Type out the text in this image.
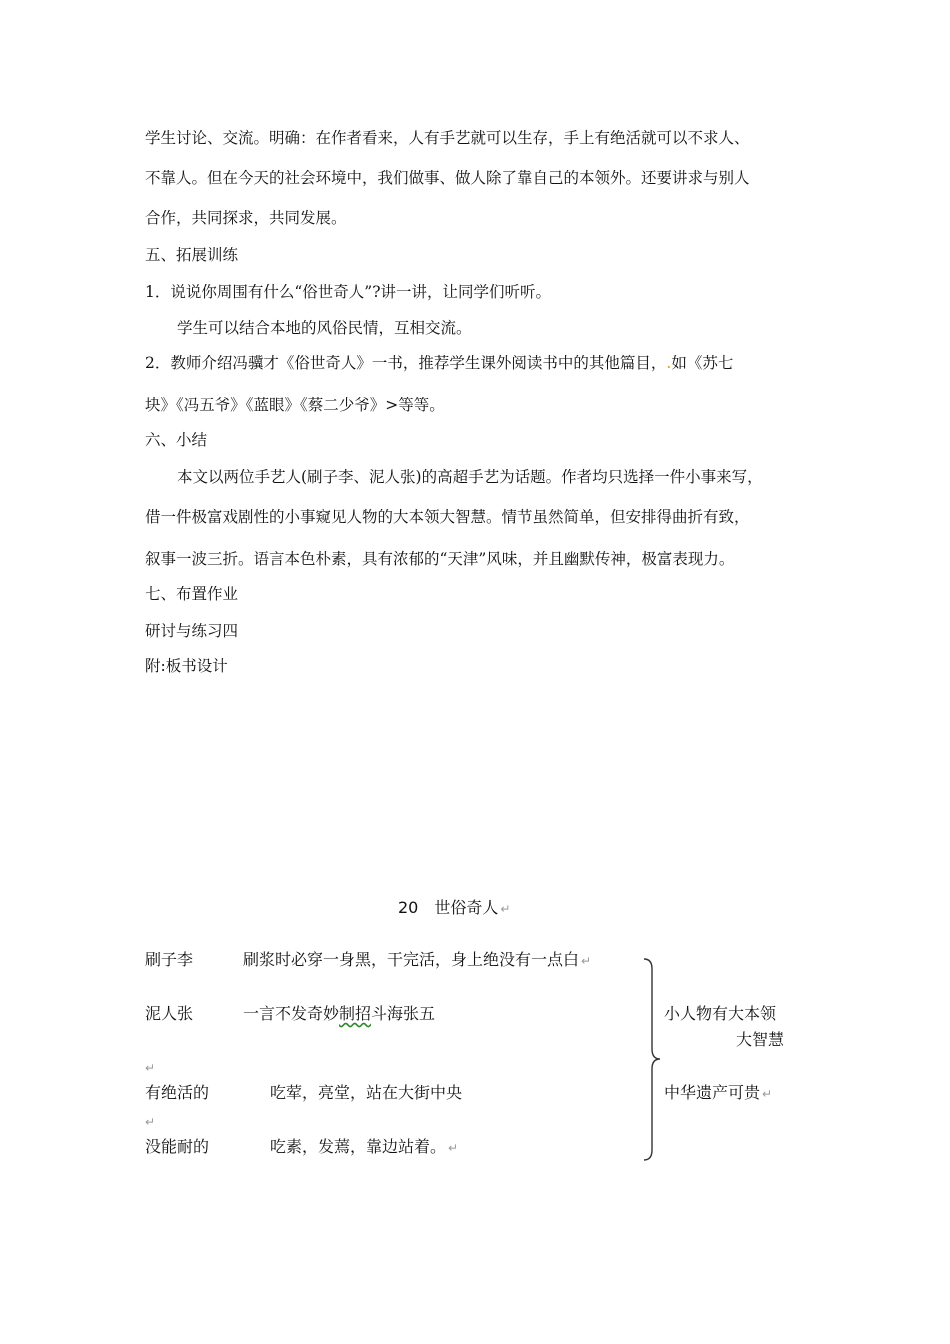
学生讨论、交流。明确：在作者看来，人有手艺就可以生存，手上有绝活就可以不求人、
不靠人。但在今天的社会环境中，我们做事、做人除了靠自己的本领外。还要讲求与别人
合作，共同探求，共同发展。
五、拓展训练
1．说说你周围有什么“俗世奇人”?讲一讲，让同学们听听。
学生可以结合本地的风俗民情，互相交流。
2．教师介绍冯骥才《俗世奇人》一书，推荐学生课外阅读书中的其他篇目，.如《苏七
块》《冯五爷》《蓝眼》《蔡二少爷》>等等。
六、小结
本文以两位手艺人(刷子李、泥人张)的高超手艺为话题。作者均只选择一件小事来写，
借一件极富戏剧性的小事窥见人物的大本领大智慧。情节虽然简单，但安排得曲折有致，
叙事一波三折。语言本色朴素，具有浓郁的“天津”风味，并且幽默传神，极富表现力。
七、布置作业
研讨与练习四
附:板书设计
20　世俗奇人 ↵
刷子李	刷浆时必穿一身黑，干完活，身上绝没有一点白 ↵
泥人张	一言不发奇妙制招斗海张五
↵
有绝活的	吃荤，亮堂，站在大街中央
↵
没能耐的	吃素，发蔫，靠边站着。 ↵
小人物有大本领
大智慧
中华遗产可贵 ↵
